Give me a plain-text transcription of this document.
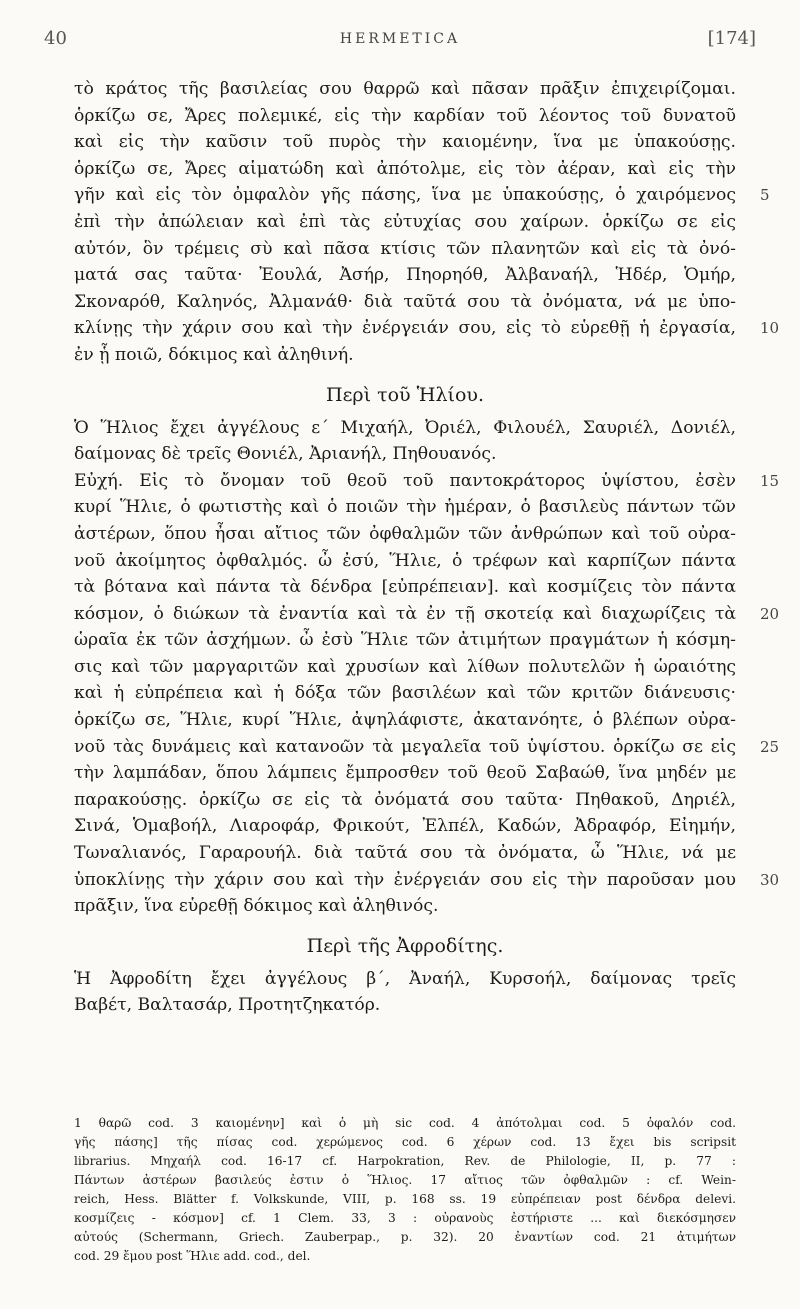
40	HERMETICA	[174]
τὸ κράτος τῆς βασιλείας σου θαρρῶ καὶ πᾶσαν πρᾶξιν ἐπιχειρίζομαι.
ὁρκίζω σε, Ἄρες πολεμικέ, εἰς τὴν καρδίαν τοῦ λέοντος τοῦ δυνατοῦ
καὶ εἰς τὴν καῦσιν τοῦ πυρὸς τὴν καιομένην, ἵνα με ὑπακούσῃς.
ὁρκίζω σε, Ἄρες αἱματώδη καὶ ἀπότολμε, εἰς τὸν ἀέραν, καὶ εἰς τὴν
γῆν καὶ εἰς τὸν ὀμφαλὸν γῆς πάσης, ἵνα με ὑπακούσῃς, ὁ χαιρόμενος 5
ἐπὶ τὴν ἀπώλειαν καὶ ἐπὶ τὰς εὐτυχίας σου χαίρων. ὁρκίζω σε εἰς
αὐτόν, ὃν τρέμεις σὺ καὶ πᾶσα κτίσις τῶν πλανητῶν καὶ εἰς τὰ ὀνό-
ματά σας ταῦτα· Ἐουλά, Ἀσήρ, Πηορηόθ, Ἀλβαναήλ, Ἡδέρ, Ὁμήρ,
Σκοναρόθ, Καληνός, Ἀλμανάθ· διὰ ταῦτά σου τὰ ὀνόματα, νά με ὑπο-
κλίνῃς τὴν χάριν σου καὶ τὴν ἐνέργειάν σου, εἰς τὸ εὑρεθῇ ἡ ἐργασία, 10
ἐν ᾗ ποιῶ, δόκιμος καὶ ἀληθινή.
Περὶ τοῦ Ἡλίου.
Ὁ Ἥλιος ἔχει ἀγγέλους ε΄ Μιχαήλ, Ὀριέλ, Φιλουέλ, Σαυριέλ, Δονιέλ,
δαίμονας δὲ τρεῖς Θονιέλ, Ἀριανήλ, Πηθουανός.
Εὐχή. Εἰς τὸ ὄνομαν τοῦ θεοῦ τοῦ παντοκράτορος ὑψίστου, ἐσὲν 15
κυρί Ἥλιε, ὁ φωτιστὴς καὶ ὁ ποιῶν τὴν ἡμέραν, ὁ βασιλεὺς πάντων τῶν
ἀστέρων, ὅπου ἦσαι αἴτιος τῶν ὀφθαλμῶν τῶν ἀνθρώπων καὶ τοῦ οὐρα-
νοῦ ἀκοίμητος ὀφθαλμός. ὦ ἐσύ, Ἥλιε, ὁ τρέφων καὶ καρπίζων πάντα
τὰ βότανα καὶ πάντα τὰ δένδρα [εὐπρέπειαν]. καὶ κοσμίζεις τὸν πάντα
κόσμον, ὁ διώκων τὰ ἐναντία καὶ τὰ ἐν τῇ σκοτείᾳ καὶ διαχωρίζεις τὰ 20
ὡραῖα ἐκ τῶν ἀσχήμων. ὦ ἐσὺ Ἥλιε τῶν ἀτιμήτων πραγμάτων ἡ κόσμη-
σις καὶ τῶν μαργαριτῶν καὶ χρυσίων καὶ λίθων πολυτελῶν ἡ ὡραιότης
καὶ ἡ εὐπρέπεια καὶ ἡ δόξα τῶν βασιλέων καὶ τῶν κριτῶν διάνευσις·
ὁρκίζω σε, Ἥλιε, κυρί Ἥλιε, ἀψηλάφιστε, ἀκατανόητε, ὁ βλέπων οὐρα-
νοῦ τὰς δυνάμεις καὶ κατανοῶν τὰ μεγαλεῖα τοῦ ὑψίστου. ὁρκίζω σε εἰς 25
τὴν λαμπάδαν, ὅπου λάμπεις ἔμπροσθεν τοῦ θεοῦ Σαβαώθ, ἵνα μηδέν με
παρακούσῃς. ὁρκίζω σε εἰς τὰ ὀνόματά σου ταῦτα· Πηθακοῦ, Δηριέλ,
Σινά, Ὁμαβοήλ, Λιαροφάρ, Φρικούτ, Ἐλπέλ, Καδών, Ἀδραφόρ, Εἰημήν,
Τωναλιανός, Γαραρουήλ. διὰ ταῦτά σου τὰ ὀνόματα, ὦ Ἥλιε, νά με
ὑποκλίνῃς τὴν χάριν σου καὶ τὴν ἐνέργειάν σου εἰς τὴν παροῦσαν μου 30
πρᾶξιν, ἵνα εὑρεθῇ δόκιμος καὶ ἀληθινός.
Περὶ τῆς Ἀφροδίτης.
Ἡ Ἀφροδίτη ἔχει ἀγγέλους β΄, Ἀναήλ, Κυρσοήλ, δαίμονας τρεῖς
Βαβέτ, Βαλτασάρ, Προτητζηκατόρ.
1 θαρῶ cod. 3 καιομένην] καὶ ὁ μὴ sic cod. 4 ἀπότολμαι cod. 5 ὀφαλόν cod.
γῆς πάσης] τῆς πίσας cod. χερώμενος cod. 6 χέρων cod. 13 ἔχει bis scripsit
librarius. Μηχαήλ cod. 16-17 cf. Harpokration, Rev. de Philologie, II, p. 77 :
Πάντων ἀστέρων βασιλεύς ἐστιν ὁ Ἥλιος. 17 αἴτιος τῶν ὀφθαλμῶν : cf. Wein-
reich, Hess. Blätter f. Volkskunde, VIII, p. 168 ss. 19 εὐπρέπειαν post δένδρα delevi.
κοσμίζεις - κόσμον] cf. 1 Clem. 33, 3 : οὐρανοὺς ἐστήριστε ... καὶ διεκόσμησεν
αὐτούς (Schermann, Griech. Zauberpap., p. 32). 20 ἐναντίων cod. 21 ἀτιμήτων
cod. 29 ἔμου post Ἥλιε add. cod., del.
